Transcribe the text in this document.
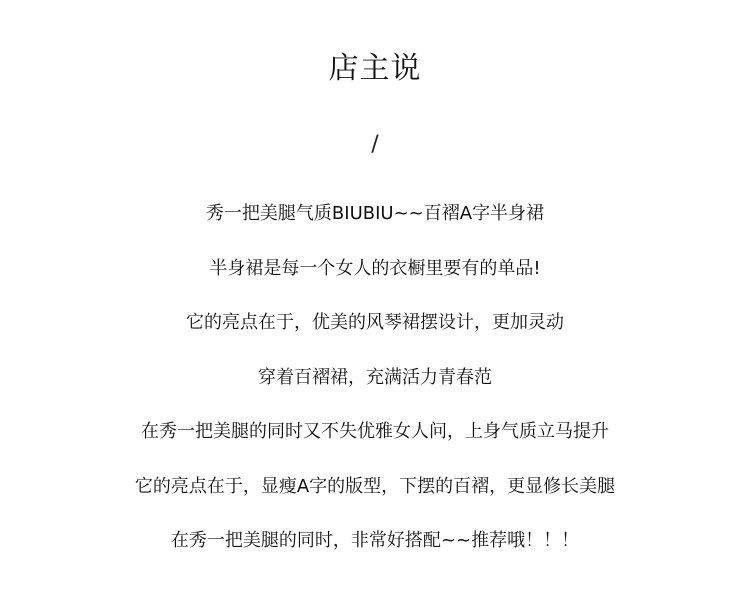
店主说
/
秀一把美腿气质BIUBIU~~百褶A字半身裙
半身裙是每一个女人的衣橱里要有的单品!
它的亮点在于，优美的风琴裙摆设计，更加灵动
穿着百褶裙，充满活力青春范
在秀一把美腿的同时又不失优雅女人问，上身气质立马提升
它的亮点在于，显瘦A字的版型，下摆的百褶，更显修长美腿
在秀一把美腿的同时，非常好搭配~~推荐哦！！！
